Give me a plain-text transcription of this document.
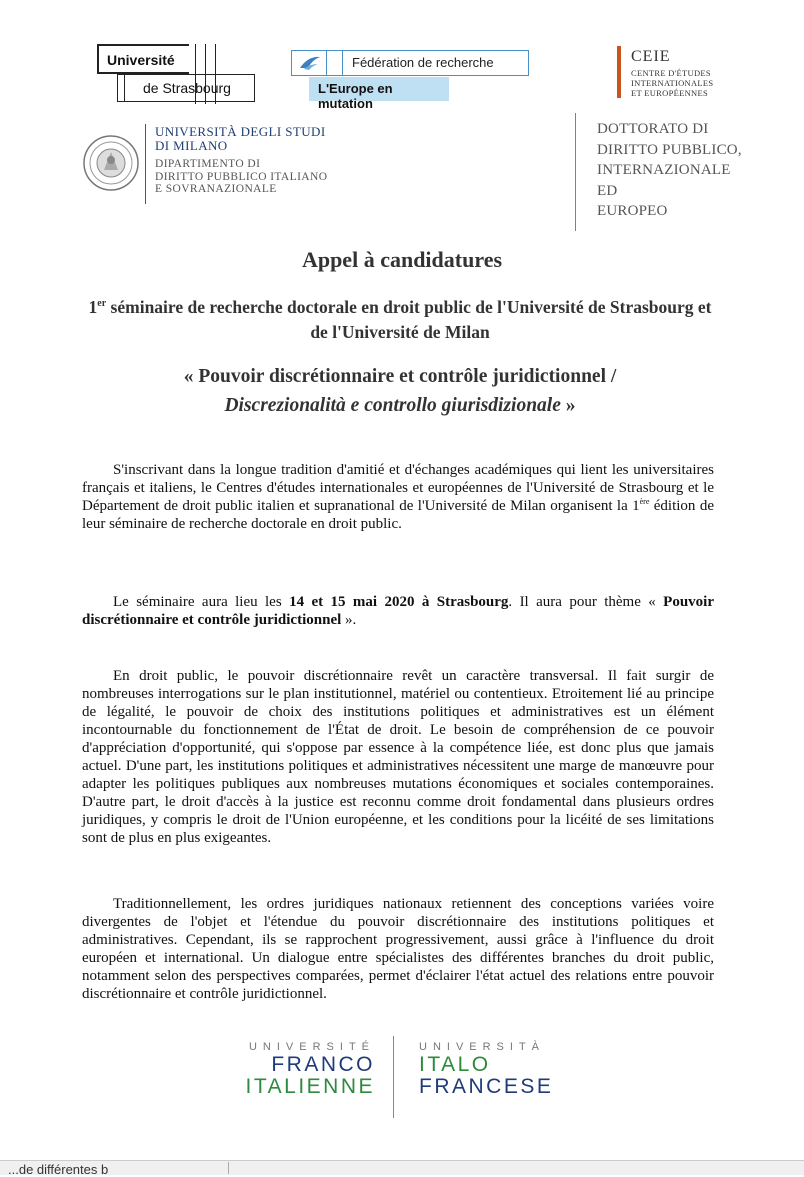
Université
de Strasbourg
Fédération de recherche
L'Europe en mutation
CEIE
CENTRE D'ÉTUDES
INTERNATIONALES
ET EUROPÉENNES
UNIVERSITÀ DEGLI STUDI
DI MILANO
DIPARTIMENTO DI
DIRITTO PUBBLICO ITALIANO
E SOVRANAZIONALE
DOTTORATO DI
DIRITTO PUBBLICO,
INTERNAZIONALE
ED
EUROPEO
Appel à candidatures
1er séminaire de recherche doctorale en droit public de l'Université de Strasbourg et de l'Université de Milan
« Pouvoir discrétionnaire et contrôle juridictionnel /
Discrezionalità e controllo giurisdizionale »
S'inscrivant dans la longue tradition d'amitié et d'échanges académiques qui lient les universitaires français et italiens, le Centres d'études internationales et européennes de l'Université de Strasbourg et le Département de droit public italien et supranational de l'Université de Milan organisent la 1ère édition de leur séminaire de recherche doctorale en droit public.
Le séminaire aura lieu les 14 et 15 mai 2020 à Strasbourg. Il aura pour thème « Pouvoir discrétionnaire et contrôle juridictionnel ».
En droit public, le pouvoir discrétionnaire revêt un caractère transversal. Il fait surgir de nombreuses interrogations sur le plan institutionnel, matériel ou contentieux. Etroitement lié au principe de légalité, le pouvoir de choix des institutions politiques et administratives est un élément incontournable du fonctionnement de l'État de droit. Le besoin de compréhension de ce pouvoir d'appréciation d'opportunité, qui s'oppose par essence à la compétence liée, est donc plus que jamais actuel. D'une part, les institutions politiques et administratives nécessitent une marge de manœuvre pour adapter les politiques publiques aux nombreuses mutations économiques et sociales contemporaines. D'autre part, le droit d'accès à la justice est reconnu comme droit fondamental dans plusieurs ordres juridiques, y compris le droit de l'Union européenne, et les conditions pour la licéité de ses limitations sont de plus en plus exigeantes.
Traditionnellement, les ordres juridiques nationaux retiennent des conceptions variées voire divergentes de l'objet et l'étendue du pouvoir discrétionnaire des institutions politiques et administratives. Cependant, ils se rapprochent progressivement, aussi grâce à l'influence du droit européen et international. Un dialogue entre spécialistes des différentes branches du droit public, notamment selon des perspectives comparées, permet d'éclairer l'état actuel des relations entre pouvoir discrétionnaire et contrôle juridictionnel.
UNIVERSITÉ
FRANCO
ITALIENNE
UNIVERSITÀ
ITALO
FRANCESE
...de différentes b
